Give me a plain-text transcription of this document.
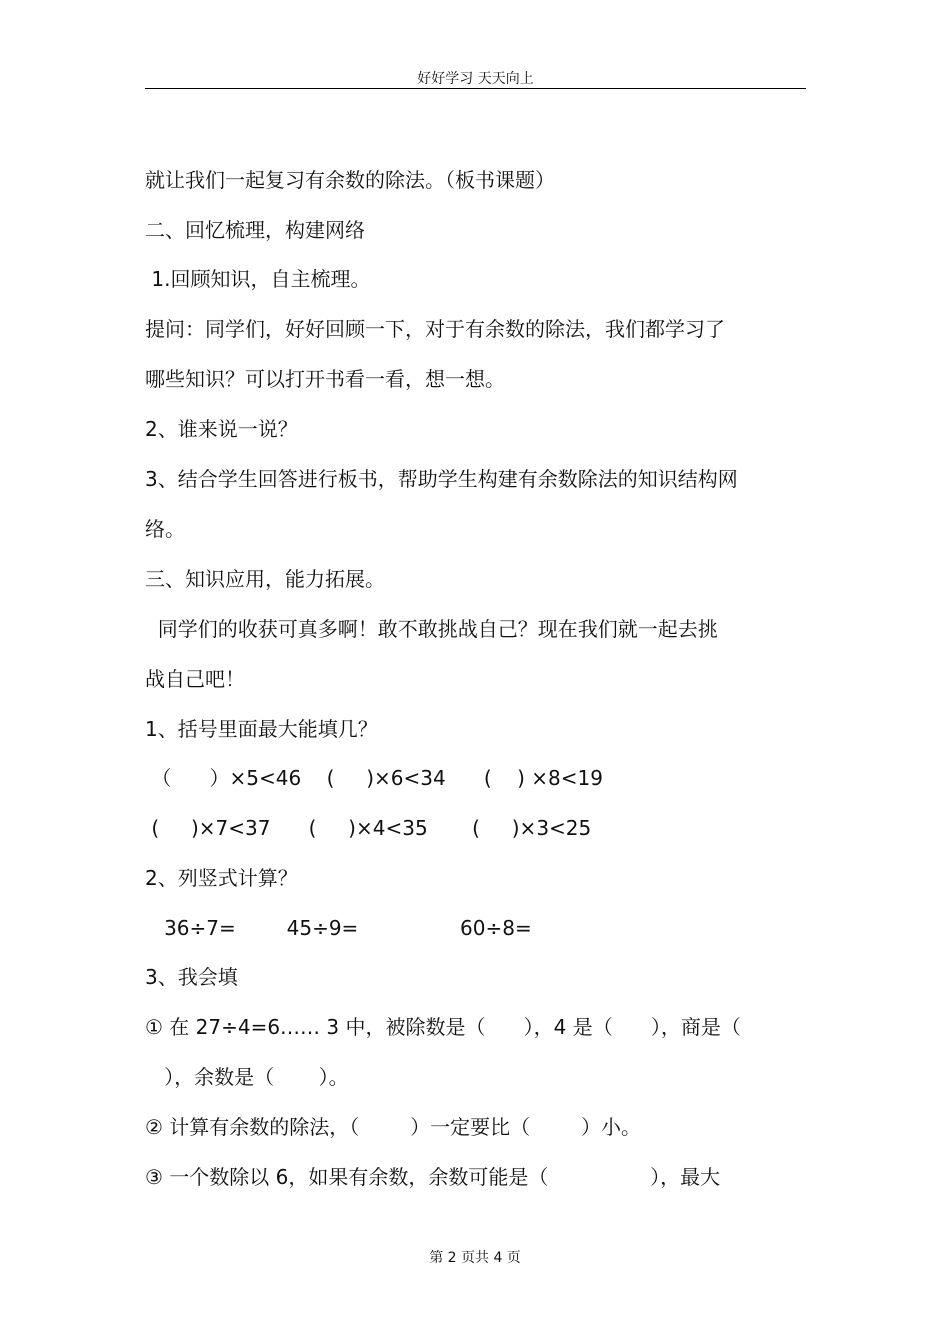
好好学习 天天向上
就让我们一起复习有余数的除法。（板书课题）
二、回忆梳理，构建网络
1.回顾知识，自主梳理。
提问：同学们，好好回顾一下，对于有余数的除法，我们都学习了
哪些知识？可以打开书看一看，想一想。
2、谁来说一说？
3、结合学生回答进行板书，帮助学生构建有余数除法的知识结构网
络。
三、知识应用，能力拓展。
同学们的收获可真多啊！敢不敢挑战自己？现在我们就一起去挑
战自己吧！
1、括号里面最大能填几？
（      ）×5<46    (     )×6<34      (    ) ×8<19
(     )×7<37      (     )×4<35       (     )×3<25
2、列竖式计算？
36÷7=        45÷9=                60÷8=
3、我会填
① 在 27÷4=6…… 3 中，被除数是（      ），4 是（      ），商是（
），余数是（       ）。
② 计算有余数的除法，（        ）一定要比（        ）小。
③ 一个数除以 6，如果有余数，余数可能是（                ），最大
第 2 页共 4 页
